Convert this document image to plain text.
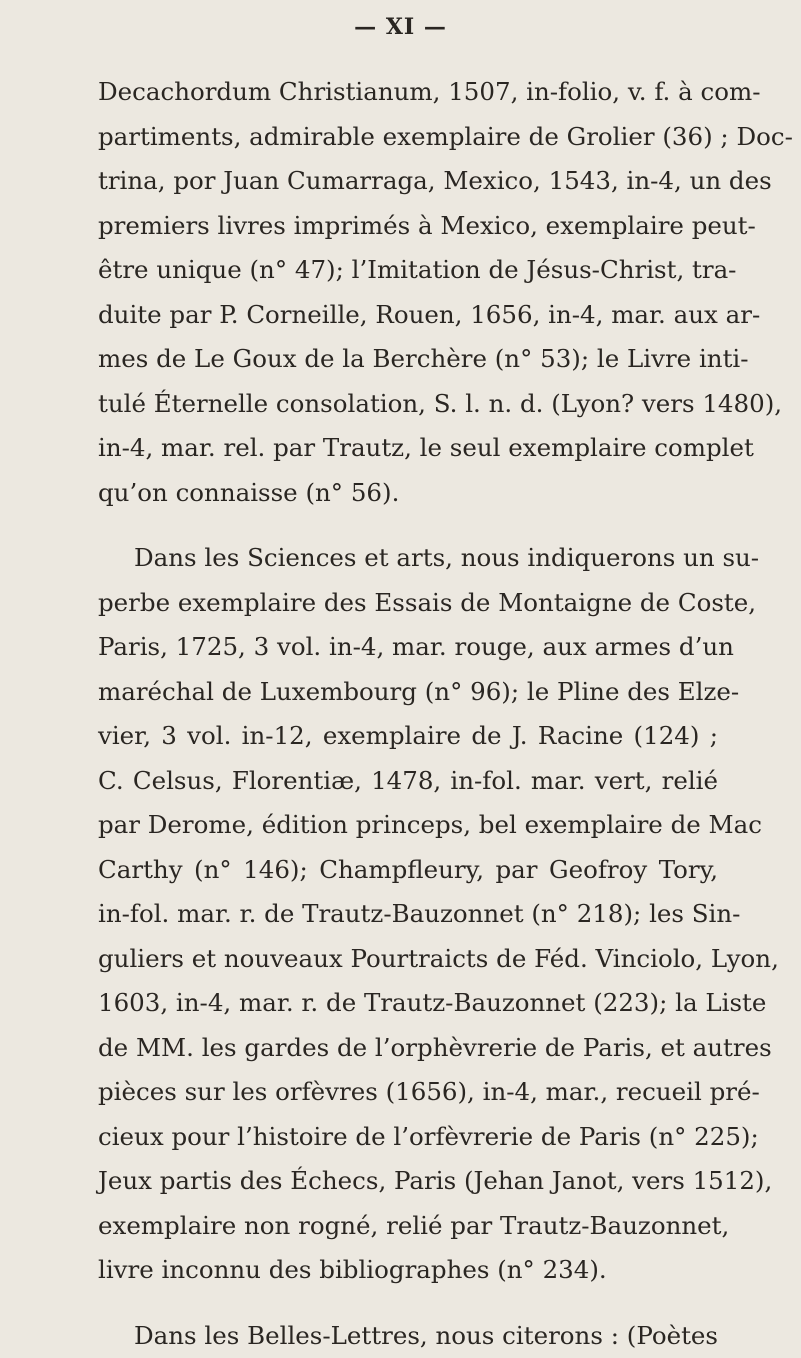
— XI —
Decachordum Christianum, 1507, in-folio, v. f. à com-
partiments, admirable exemplaire de Grolier (36) ; Doc-
trina, por Juan Cumarraga, Mexico, 1543, in-4, un des
premiers livres imprimés à Mexico, exemplaire peut-
être unique (n° 47); l’Imitation de Jésus-Christ, tra-
duite par P. Corneille, Rouen, 1656, in-4, mar. aux ar-
mes de Le Goux de la Berchère (n° 53); le Livre inti-
tulé Éternelle consolation, S. l. n. d. (Lyon? vers 1480),
in-4, mar. rel. par Trautz, le seul exemplaire complet
qu’on connaisse (n° 56).
Dans les Sciences et arts, nous indiquerons un su-
perbe exemplaire des Essais de Montaigne de Coste,
Paris, 1725, 3 vol. in-4, mar. rouge, aux armes d’un
maréchal de Luxembourg (n° 96); le Pline des Elze-
vier, 3 vol. in-12, exemplaire de J. Racine (124) ;
C. Celsus, Florentiæ, 1478, in-fol. mar. vert, relié
par Derome, édition princeps, bel exemplaire de Mac
Carthy (n° 146); Champfleury, par Geofroy Tory,
in-fol. mar. r. de Trautz-Bauzonnet (n° 218); les Sin-
guliers et nouveaux Pourtraicts de Féd. Vinciolo, Lyon,
1603, in-4, mar. r. de Trautz-Bauzonnet (223); la Liste
de MM. les gardes de l’orphèvrerie de Paris, et autres
pièces sur les orfèvres (1656), in-4, mar., recueil pré-
cieux pour l’histoire de l’orfèvrerie de Paris (n° 225);
Jeux partis des Échecs, Paris (Jehan Janot, vers 1512),
exemplaire non rogné, relié par Trautz-Bauzonnet,
livre inconnu des bibliographes (n° 234).
Dans les Belles-Lettres, nous citerons : (Poètes
